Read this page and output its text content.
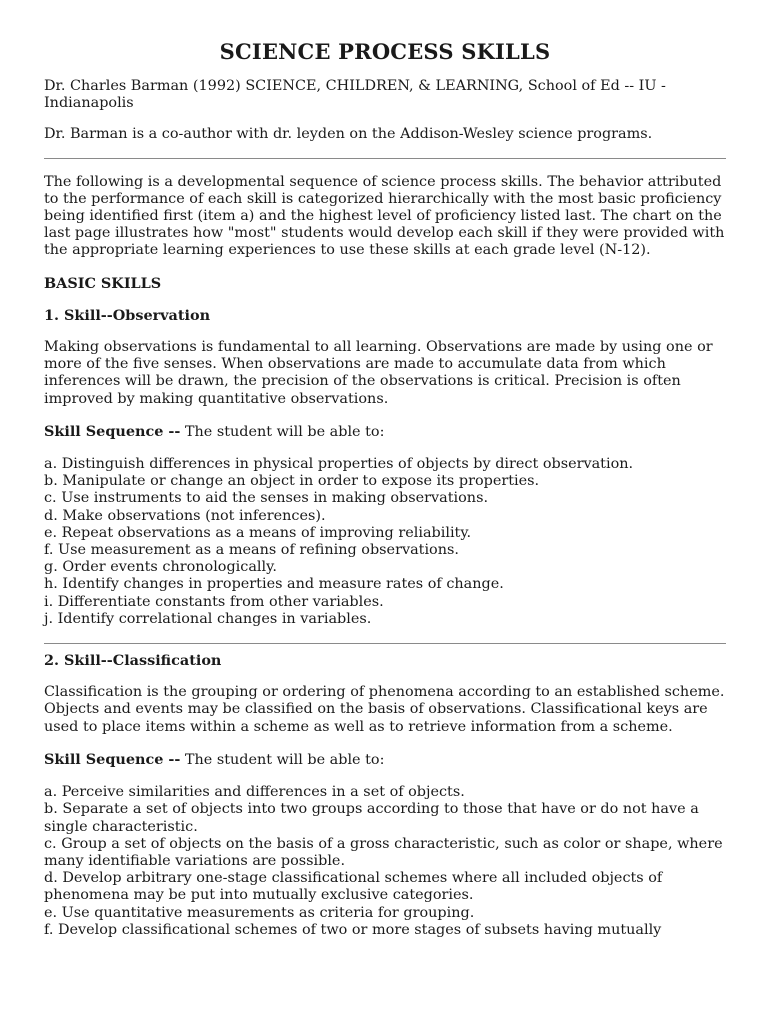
SCIENCE PROCESS SKILLS

Dr. Charles Barman (1992) SCIENCE, CHILDREN, & LEARNING, School of Ed -- IU - Indianapolis

Dr. Barman is a co-author with dr. leyden on the Addison-Wesley science programs.

The following is a developmental sequence of science process skills. The behavior attributed to the performance of each skill is categorized hierarchically with the most basic proficiency being identified first (item a) and the highest level of proficiency listed last. The chart on the last page illustrates how "most" students would develop each skill if they were provided with the appropriate learning experiences to use these skills at each grade level (N-12).

BASIC SKILLS

1. Skill--Observation

Making observations is fundamental to all learning. Observations are made by using one or more of the five senses. When observations are made to accumulate data from which inferences will be drawn, the precision of the observations is critical. Precision is often improved by making quantitative observations.

Skill Sequence -- The student will be able to:

a. Distinguish differences in physical properties of objects by direct observation.
b. Manipulate or change an object in order to expose its properties.
c. Use instruments to aid the senses in making observations.
d. Make observations (not inferences).
e. Repeat observations as a means of improving reliability.
f. Use measurement as a means of refining observations.
g. Order events chronologically.
h. Identify changes in properties and measure rates of change.
i. Differentiate constants from other variables.
j. Identify correlational changes in variables.

2. Skill--Classification

Classification is the grouping or ordering of phenomena according to an established scheme. Objects and events may be classified on the basis of observations. Classificational keys are used to place items within a scheme as well as to retrieve information from a scheme.

Skill Sequence -- The student will be able to:

a. Perceive similarities and differences in a set of objects.
b. Separate a set of objects into two groups according to those that have or do not have a single characteristic.
c. Group a set of objects on the basis of a gross characteristic, such as color or shape, where many identifiable variations are possible.
d. Develop arbitrary one-stage classificational schemes where all included objects of phenomena may be put into mutually exclusive categories.
e. Use quantitative measurements as criteria for grouping.
f. Develop classificational schemes of two or more stages of subsets having mutually
